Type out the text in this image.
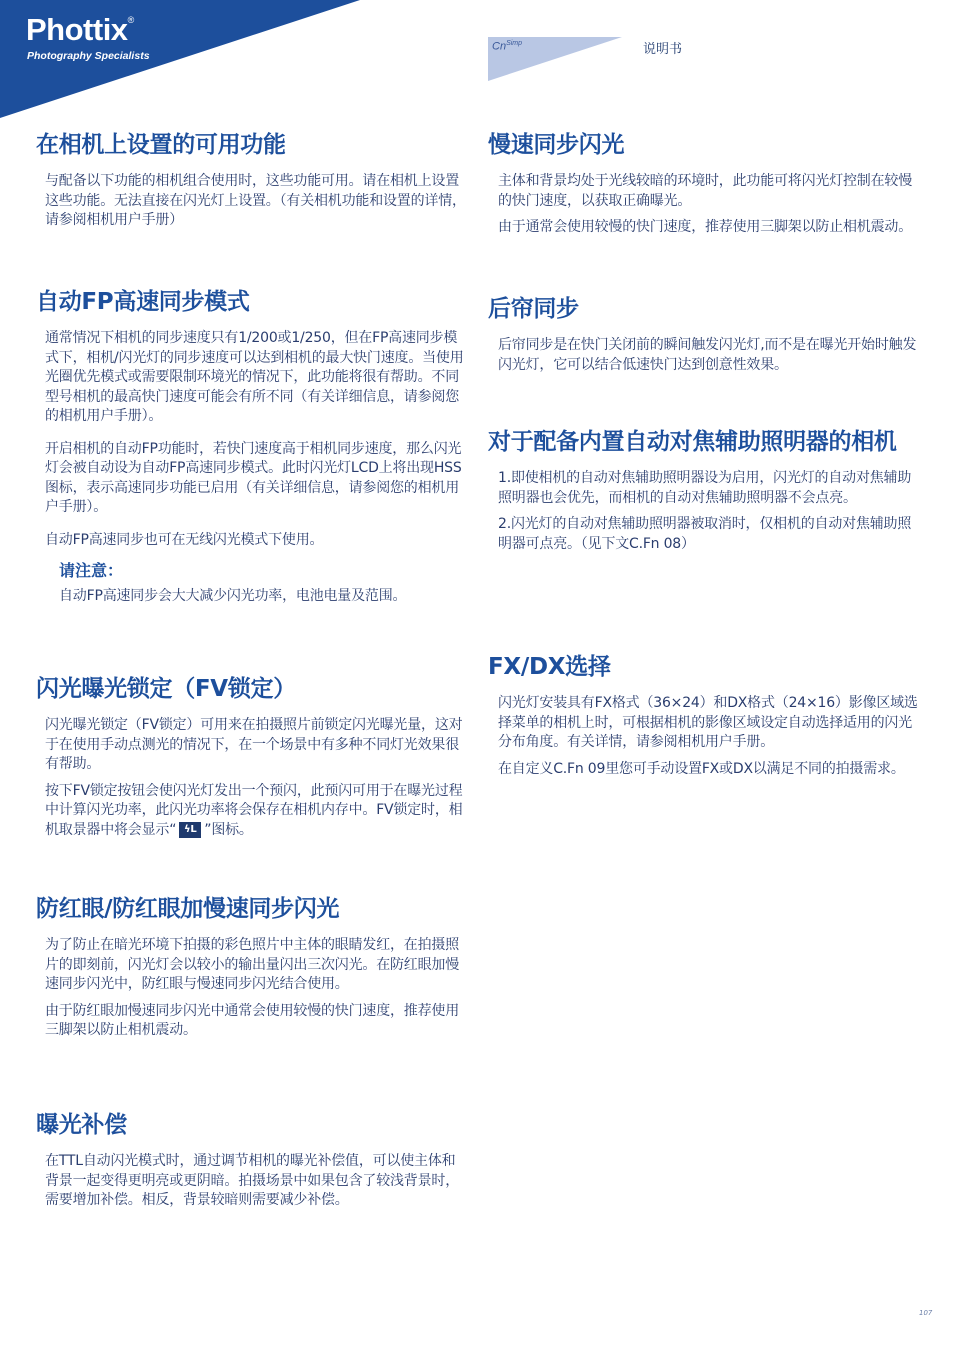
Phottix®
Photography Specialists
$Cn^{Simp}$	说明书
在相机上设置的可用功能

与配备以下功能的相机组合使用时，这些功能可用。请在相机上设置这些功能。无法直接在闪光灯上设置。（有关相机功能和设置的详情，请参阅相机用户手册）

自动FP高速同步模式

通常情况下相机的同步速度只有1/200或1/250，但在FP高速同步模式下，相机/闪光灯的同步速度可以达到相机的最大快门速度。当使用光圈优先模式或需要限制环境光的情况下，此功能将很有帮助。不同型号相机的最高快门速度可能会有所不同（有关详细信息，请参阅您的相机用户手册）。

开启相机的自动FP功能时，若快门速度高于相机同步速度，那么闪光灯会被自动设为自动FP高速同步模式。此时闪光灯LCD上将出现HSS图标，表示高速同步功能已启用（有关详细信息，请参阅您的相机用户手册）。

自动FP高速同步也可在无线闪光模式下使用。

请注意：

自动FP高速同步会大大减少闪光功率，电池电量及范围。

闪光曝光锁定（FV锁定）

闪光曝光锁定（FV锁定）可用来在拍摄照片前锁定闪光曝光量，这对于在使用手动点测光的情况下，在一个场景中有多种不同灯光效果很有帮助。

按下FV锁定按钮会使闪光灯发出一个预闪，此预闪可用于在曝光过程中计算闪光功率，此闪光功率将会保存在相机内存中。FV锁定时，相机取景器中将会显示“ ϟL ”图标。

防红眼/防红眼加慢速同步闪光

为了防止在暗光环境下拍摄的彩色照片中主体的眼睛发红，在拍摄照片的即刻前，闪光灯会以较小的输出量闪出三次闪光。在防红眼加慢速同步闪光中，防红眼与慢速同步闪光结合使用。

由于防红眼加慢速同步闪光中通常会使用较慢的快门速度，推荐使用三脚架以防止相机震动。

曝光补偿

在TTL自动闪光模式时，通过调节相机的曝光补偿值，可以使主体和背景一起变得更明亮或更阴暗。拍摄场景中如果包含了较浅背景时，需要增加补偿。相反，背景较暗则需要减少补偿。

慢速同步闪光

主体和背景均处于光线较暗的环境时，此功能可将闪光灯控制在较慢的快门速度，以获取正确曝光。

由于通常会使用较慢的快门速度，推荐使用三脚架以防止相机震动。

后帘同步

后帘同步是在快门关闭前的瞬间触发闪光灯,而不是在曝光开始时触发闪光灯，它可以结合低速快门达到创意性效果。

对于配备内置自动对焦辅助照明器的相机

1.即使相机的自动对焦辅助照明器设为启用，闪光灯的自动对焦辅助照明器也会优先，而相机的自动对焦辅助照明器不会点亮。

2.闪光灯的自动对焦辅助照明器被取消时，仅相机的自动对焦辅助照明器可点亮。（见下文C.Fn 08）

FX/DX选择

闪光灯安装具有FX格式（36×24）和DX格式（24×16）影像区域选择菜单的相机上时，可根据相机的影像区域设定自动选择适用的闪光分布角度。有关详情，请参阅相机用户手册。

在自定义C.Fn 09里您可手动设置FX或DX以满足不同的拍摄需求。

107
